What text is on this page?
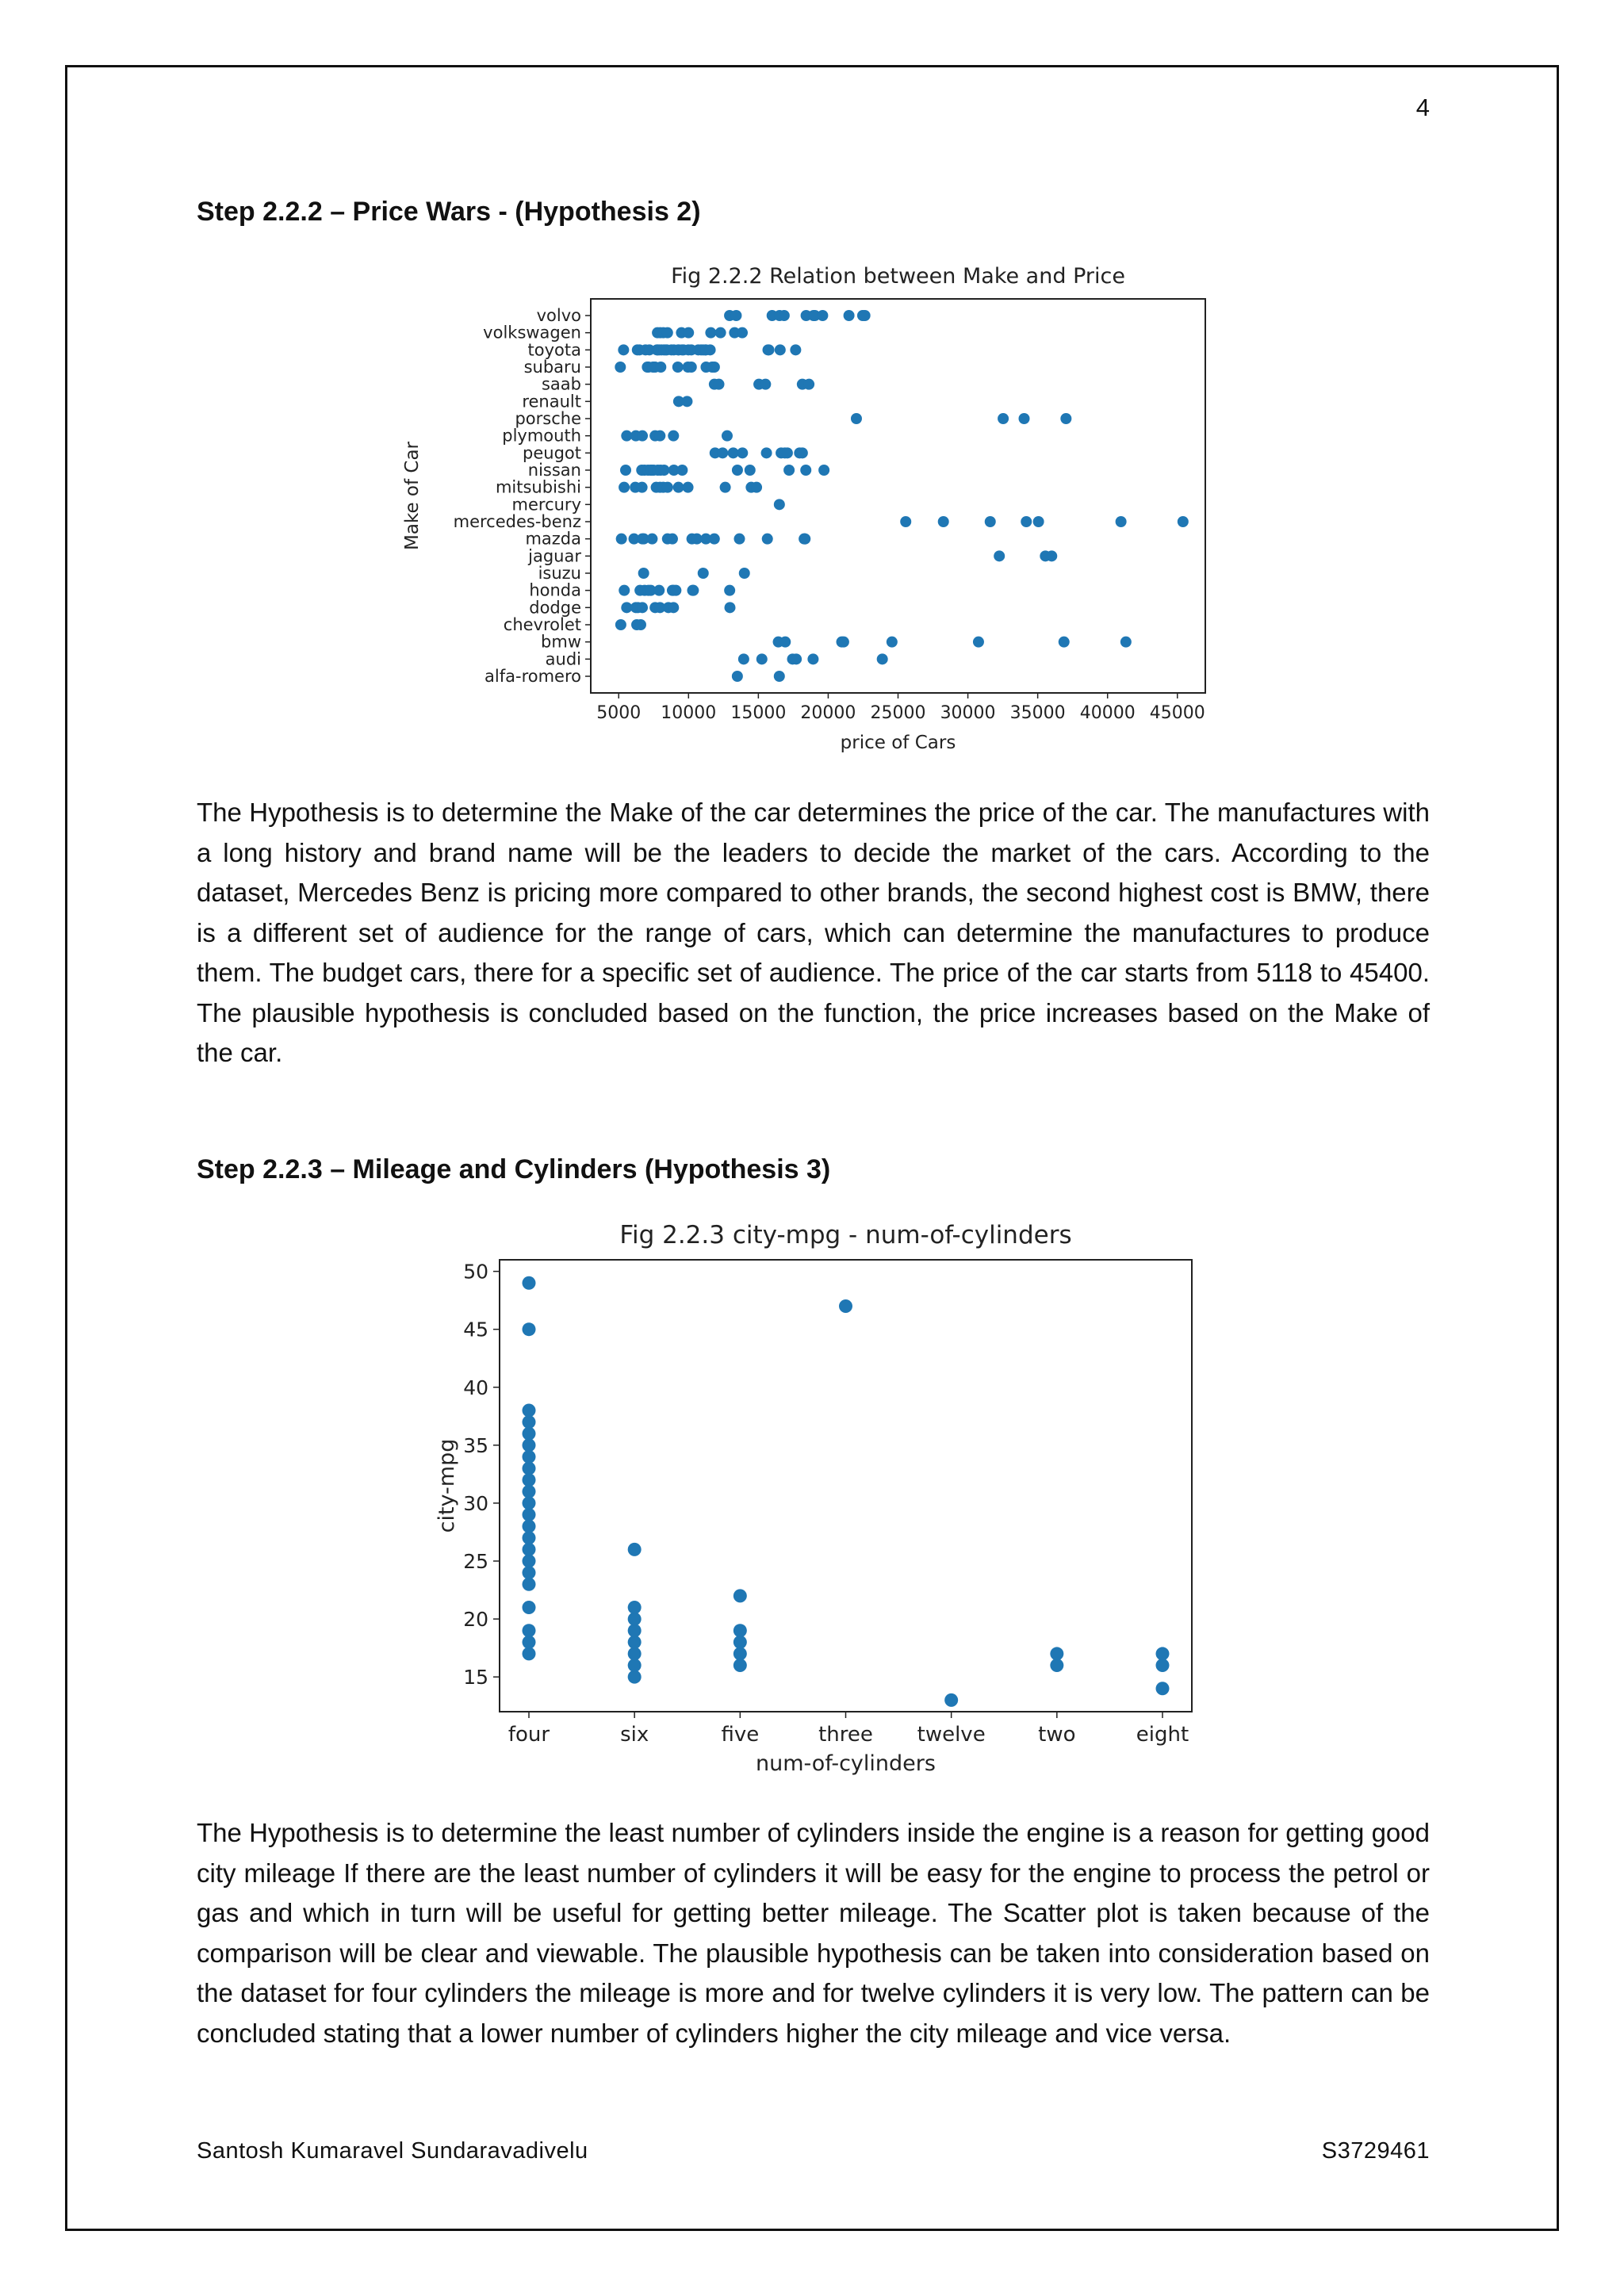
4
Step 2.2.2 – Price Wars - (Hypothesis 2)
Fig 2.2.2 Relation between Make and Price
5000 10000 15000 20000 25000 30000 35000 40000 45000
alfa-romero
audi
bmw
chevrolet
dodge
honda
isuzu
jaguar
mazda
mercedes-benz
mercury
mitsubishi
nissan
peugot
plymouth
porsche
renault
saab
subaru
toyota
volkswagen
volvo
price of Cars
Make of Car

The Hypothesis is to determine the Make of the car determines the price of the car. The manufactures with a long history and brand name will be the leaders to decide the market of the cars. According to the dataset, Mercedes Benz is pricing more compared to other brands, the second highest cost is BMW, there is a different set of audience for the range of cars, which can determine the manufactures to produce them. The budget cars, there for a specific set of audience. The price of the car starts from 5118 to 45400. The plausible hypothesis is concluded based on the function, the price increases based on the Make of the car.

Step 2.2.3 – Mileage and Cylinders (Hypothesis 3)
Fig 2.2.3 city-mpg - num-of-cylinders
15
20
25
30
35
40
45
50
four	six	five	three twelve	two	eight
num-of-cylinders
city-mpg

The Hypothesis is to determine the least number of cylinders inside the engine is a reason for getting good city mileage If there are the least number of cylinders it will be easy for the engine to process the petrol or gas and which in turn will be useful for getting better mileage. The Scatter plot is taken because of the comparison will be clear and viewable. The plausible hypothesis can be taken into consideration based on the dataset for four cylinders the mileage is more and for twelve cylinders it is very low. The pattern can be concluded stating that a lower number of cylinders higher the city mileage and vice versa.

Santosh Kumaravel Sundaravadivelu	S3729461
